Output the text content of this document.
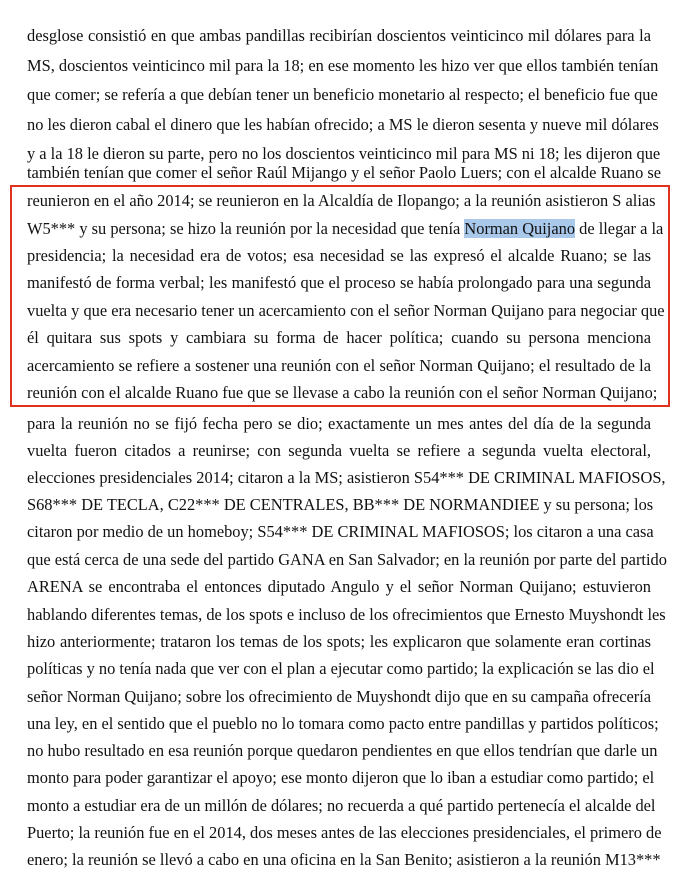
desglose consistió en que ambas pandillas recibirían doscientos veinticinco mil dólares para la
MS, doscientos veinticinco mil para la 18; en ese momento les hizo ver que ellos también tenían
que comer; se refería a que debían tener un beneficio monetario al respecto; el beneficio fue que
no les dieron cabal el dinero que les habían ofrecido; a MS le dieron sesenta y nueve mil dólares
y a la 18 le dieron su parte, pero no los doscientos veinticinco mil para MS ni 18; les dijeron que
también tenían que comer el señor Raúl Mijango y el señor Paolo Luers; con el alcalde Ruano se
reunieron en el año 2014; se reunieron en la Alcaldía de Ilopango; a la reunión asistieron S alias
W5*** y su persona; se hizo la reunión por la necesidad que tenía Norman Quijano de llegar a la
presidencia; la necesidad era de votos; esa necesidad se las expresó el alcalde Ruano; se las
manifestó de forma verbal; les manifestó que el proceso se había prolongado para una segunda
vuelta y que era necesario tener un acercamiento con el señor Norman Quijano para negociar que
él quitara sus spots y cambiara su forma de hacer política; cuando su persona menciona
acercamiento se refiere a sostener una reunión con el señor Norman Quijano; el resultado de la
reunión con el alcalde Ruano fue que se llevase a cabo la reunión con el señor Norman Quijano;
para la reunión no se fijó fecha pero se dio; exactamente un mes antes del día de la segunda
vuelta fueron citados a reunirse; con segunda vuelta se refiere a segunda vuelta electoral,
elecciones presidenciales 2014; citaron a la MS; asistieron S54*** DE CRIMINAL MAFIOSOS,
S68*** DE TECLA, C22*** DE CENTRALES, BB*** DE NORMANDIEE y su persona; los
citaron por medio de un homeboy; S54*** DE CRIMINAL MAFIOSOS; los citaron a una casa
que está cerca de una sede del partido GANA en San Salvador; en la reunión por parte del partido
ARENA se encontraba el entonces diputado Angulo y el señor Norman Quijano; estuvieron
hablando diferentes temas, de los spots e incluso de los ofrecimientos que Ernesto Muyshondt les
hizo anteriormente; trataron los temas de los spots; les explicaron que solamente eran cortinas
políticas y no tenía nada que ver con el plan a ejecutar como partido; la explicación se las dio el
señor Norman Quijano; sobre los ofrecimiento de Muyshondt dijo que en su campaña ofrecería
una ley, en el sentido que el pueblo no lo tomara como pacto entre pandillas y partidos políticos;
no hubo resultado en esa reunión porque quedaron pendientes en que ellos tendrían que darle un
monto para poder garantizar el apoyo; ese monto dijeron que lo iban a estudiar como partido; el
monto a estudiar era de un millón de dólares; no recuerda a qué partido pertenecía el alcalde del
Puerto; la reunión fue en el 2014, dos meses antes de las elecciones presidenciales, el primero de
enero; la reunión se llevó a cabo en una oficina en la San Benito; asistieron a la reunión M13***
